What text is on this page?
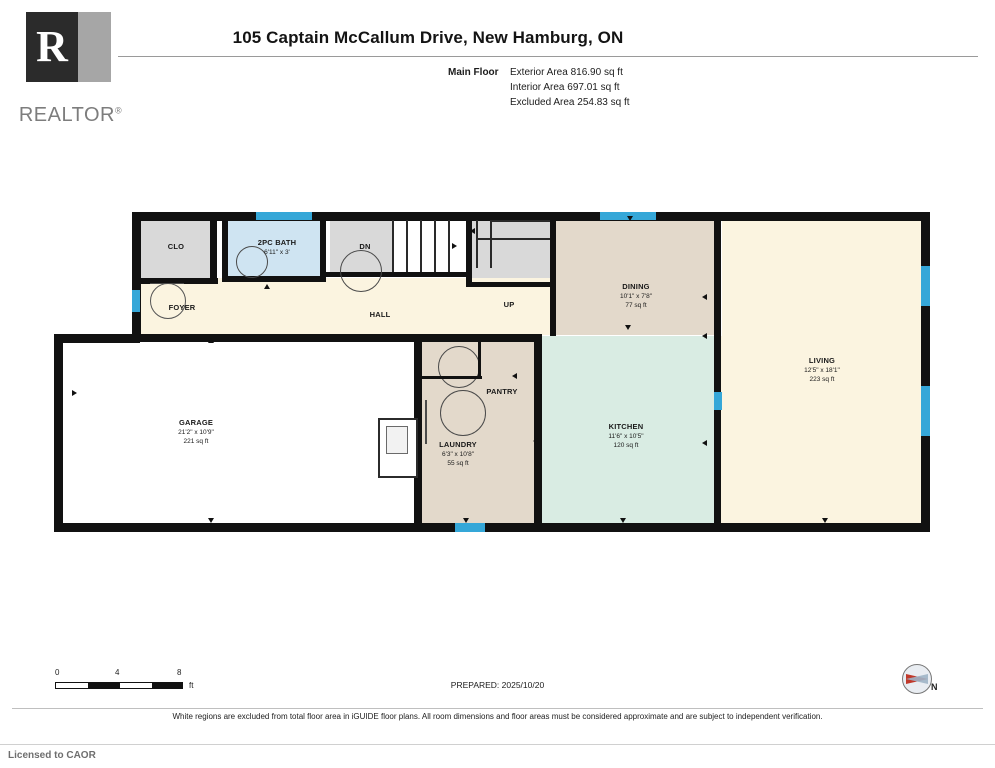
R
REALTOR®
105 Captain McCallum Drive, New Hamburg, ON
Main Floor Exterior Area 816.90 sq ft
Interior Area 697.01 sq ft
Excluded Area 254.83 sq ft
CLO	2PC BATH
6'11" x 3'
DN
UP
FOYER
HALL
DINING
10'1" x 7'8"
77 sq ft
LIVING
12'5" x 18'1"
223 sq ft
GARAGE
21'2" x 10'9"
221 sq ft
PANTRY
LAUNDRY
6'3" x 10'8"
55 sq ft
KITCHEN
11'6" x 10'5"
120 sq ft
0	4	8
ft	PREPARED: 2025/10/20	N
White regions are excluded from total floor area in iGUIDE floor plans. All room dimensions and floor areas must be considered approximate and are subject to independent verification.
Licensed to CAOR
